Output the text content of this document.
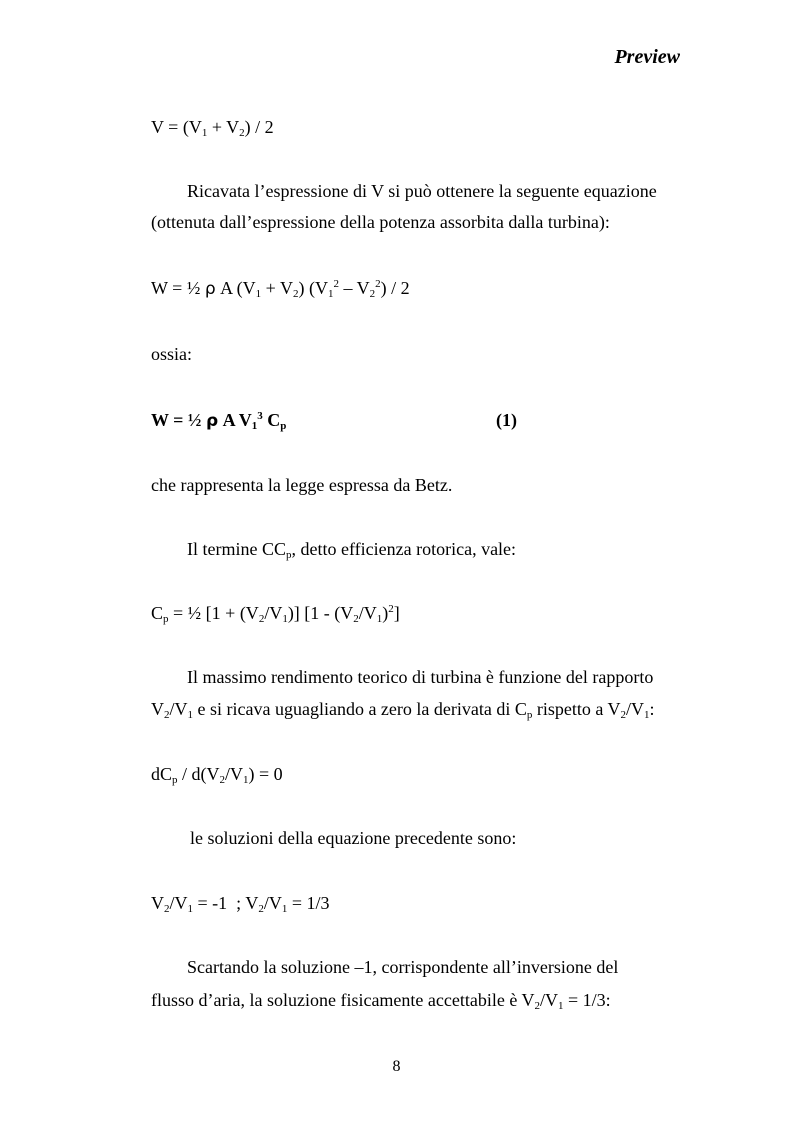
Preview
$V = (V_1 + V_2) / 2$
Ricavata l’espressione di V si può ottenere la seguente equazione
(ottenuta dall’espressione della potenza assorbita dalla turbina):
W = ½ ρ A $(V_1 + V_2)$ $(V_1^2 - V_2^2) / 2$
ossia:
W = ½ ρ A $V_1^3$ $C_p$	(1)
che rappresenta la legge espressa da Betz.
Il termine $CC_p$, detto efficienza rotorica, vale:
$C_p$ = ½ $[1 + (V_2/V_1)]$ $[1 - (V_2/V_1)^2]$
Il massimo rendimento teorico di turbina è funzione del rapporto
$V_2/V_1$ e si ricava uguagliando a zero la derivata di $C_p$ rispetto a $V_2/V_1$:
$dC_p / d(V_2/V_1) = 0$
le soluzioni della equazione precedente sono:
$V_2/V_1 = -1$  ; $V_2/V_1 = 1/3$
Scartando la soluzione –1, corrispondente all’inversione del
flusso d’aria, la soluzione fisicamente accettabile è $V_2/V_1 = 1/3$:
8
